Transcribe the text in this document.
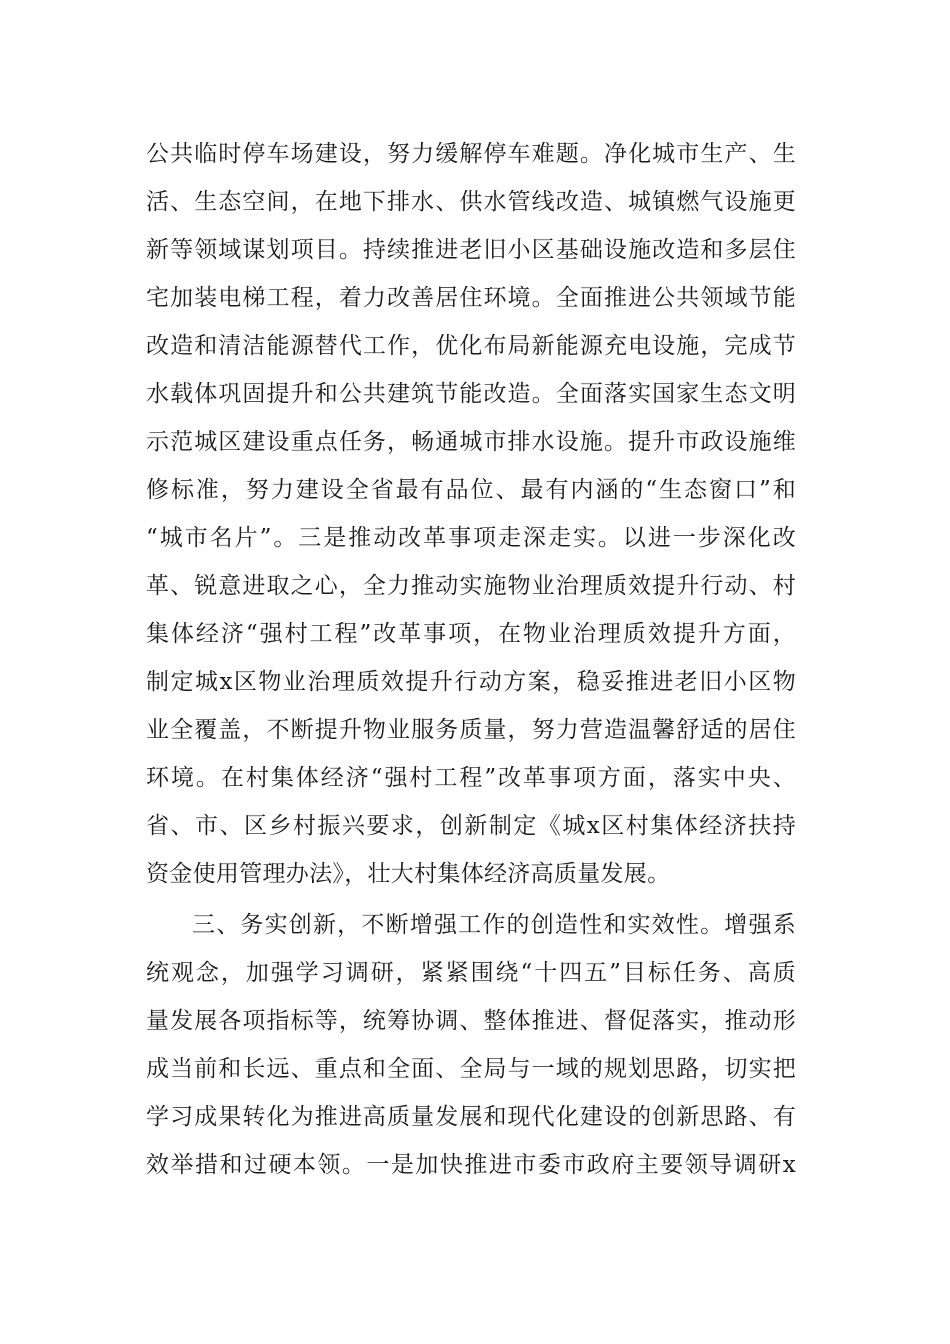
公共临时停车场建设，努力缓解停车难题。净化城市生产、生
活、生态空间，在地下排水、供水管线改造、城镇燃气设施更
新等领域谋划项目。持续推进老旧小区基础设施改造和多层住
宅加装电梯工程，着力改善居住环境。全面推进公共领域节能
改造和清洁能源替代工作，优化布局新能源充电设施，完成节
水载体巩固提升和公共建筑节能改造。全面落实国家生态文明
示范城区建设重点任务，畅通城市排水设施。提升市政设施维
修标准，努力建设全省最有品位、最有内涵的“生态窗口”和
“城市名片”。三是推动改革事项走深走实。以进一步深化改
革、锐意进取之心，全力推动实施物业治理质效提升行动、村
集体经济“强村工程”改革事项，在物业治理质效提升方面，
制定城x区物业治理质效提升行动方案，稳妥推进老旧小区物
业全覆盖，不断提升物业服务质量，努力营造温馨舒适的居住
环境。在村集体经济“强村工程”改革事项方面，落实中央、
省、市、区乡村振兴要求，创新制定《城x区村集体经济扶持
资金使用管理办法》，壮大村集体经济高质量发展。
三、务实创新，不断增强工作的创造性和实效性。增强系
统观念，加强学习调研，紧紧围绕“十四五”目标任务、高质
量发展各项指标等，统筹协调、整体推进、督促落实，推动形
成当前和长远、重点和全面、全局与一域的规划思路，切实把
学习成果转化为推进高质量发展和现代化建设的创新思路、有
效举措和过硬本领。一是加快推进市委市政府主要领导调研x
